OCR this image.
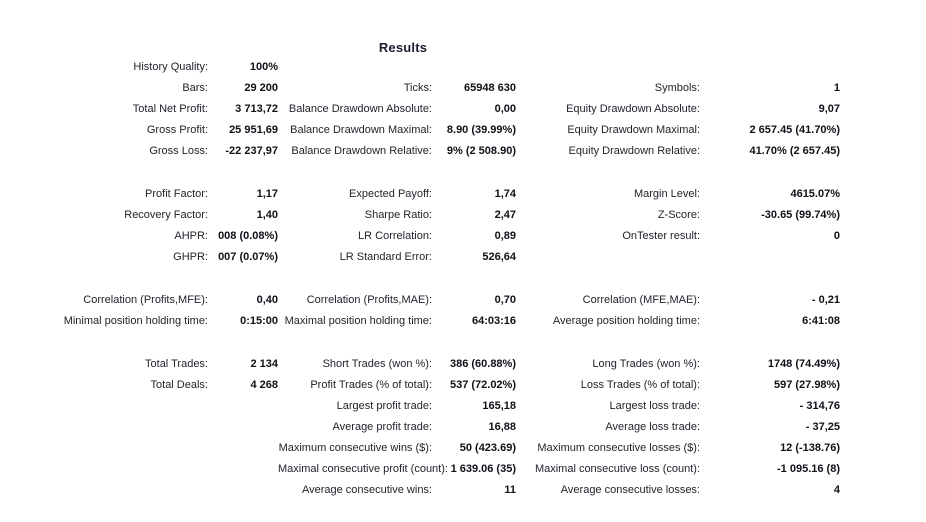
Results
History Quality:	100%
Bars:	29 200	Ticks:	65948 630	Symbols:	1
Total Net Profit:	3 713,72 Balance Drawdown Absolute:	0,00	Equity Drawdown Absolute:	9,07
Gross Profit:	25 951,69	Balance Drawdown Maximal:	8.90 (39.99%)	Equity Drawdown Maximal:	2 657.45 (41.70%)
Gross Loss:	-22 237,97	Balance Drawdown Relative:	9% (2 508.90)	Equity Drawdown Relative:	41.70% (2 657.45)
Profit Factor:	1,17	Expected Payoff:	1,74	Margin Level:	4615.07%
Recovery Factor:	1,40	Sharpe Ratio:	2,47	Z-Score:	-30.65 (99.74%)
AHPR: 008 (0.08%)	LR Correlation:	0,89	OnTester result:	0
GHPR: 007 (0.07%)	LR Standard Error:	526,64
Correlation (Profits,MFE):	0,40	Correlation (Profits,MAE):	0,70	Correlation (MFE,MAE):	- 0,21
Minimal position holding time:	0:15:00 Maximal position holding time:	64:03:16	Average position holding time:	6:41:08
Total Trades:	2 134	Short Trades (won %):	386 (60.88%)	Long Trades (won %):	1748 (74.49%)
Total Deals:	4 268	Profit Trades (% of total):	537 (72.02%)	Loss Trades (% of total):	597 (27.98%)
Largest profit trade:	165,18	Largest loss trade:	- 314,76
Average profit trade:	16,88	Average loss trade:	- 37,25
Maximum consecutive wins ($):	50 (423.69)	Maximum consecutive losses ($):	12 (-138.76)
Maximal consecutive profit (count): 1 639.06 (35)	Maximal consecutive loss (count):	-1 095.16 (8)
Average consecutive wins:	11	Average consecutive losses:	4
